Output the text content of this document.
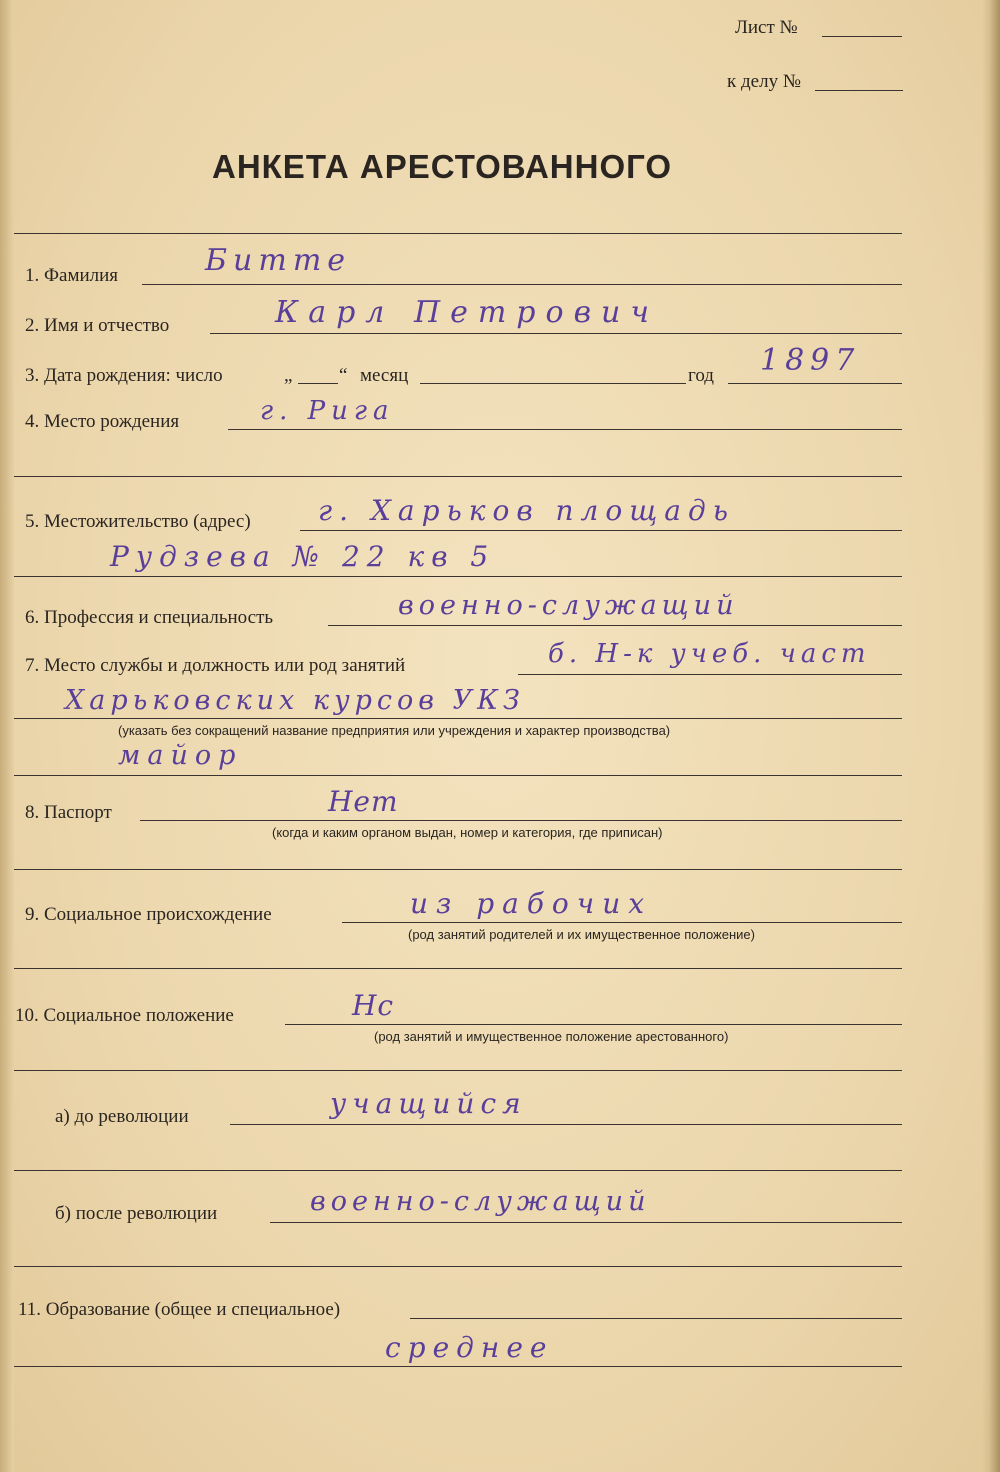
Лист №
к делу №
АНКЕТА АРЕСТОВАННОГО
1. Фамилия	Битте
2. Имя и отчество	Карл Петрович
3. Дата рождения: число	„ “ месяц	год 1897
4. Место рождения	г. Рига
5. Местожительство (адрес) г. Харьков площадь
Рудзева № 22 кв 5
6. Профессия и специальность	военно-служащий
7. Место службы и должность или род занятий	б. Н-к учеб. част
Харьковских курсов УКЗ
(указать без сокращений название предприятия или учреждения и характер производства)
майор
8. Паспорт	Нет
(когда и каким органом выдан, номер и категория, где приписан)
9. Социальное происхождение	из рабочих
(род занятий родителей и их имущественное положение)
10. Социальное положение	Нс
(род занятий и имущественное положение арестованного)
а) до революции	учащийся
б) после революции	военно-служащий
11. Образование (общее и специальное)
среднее
